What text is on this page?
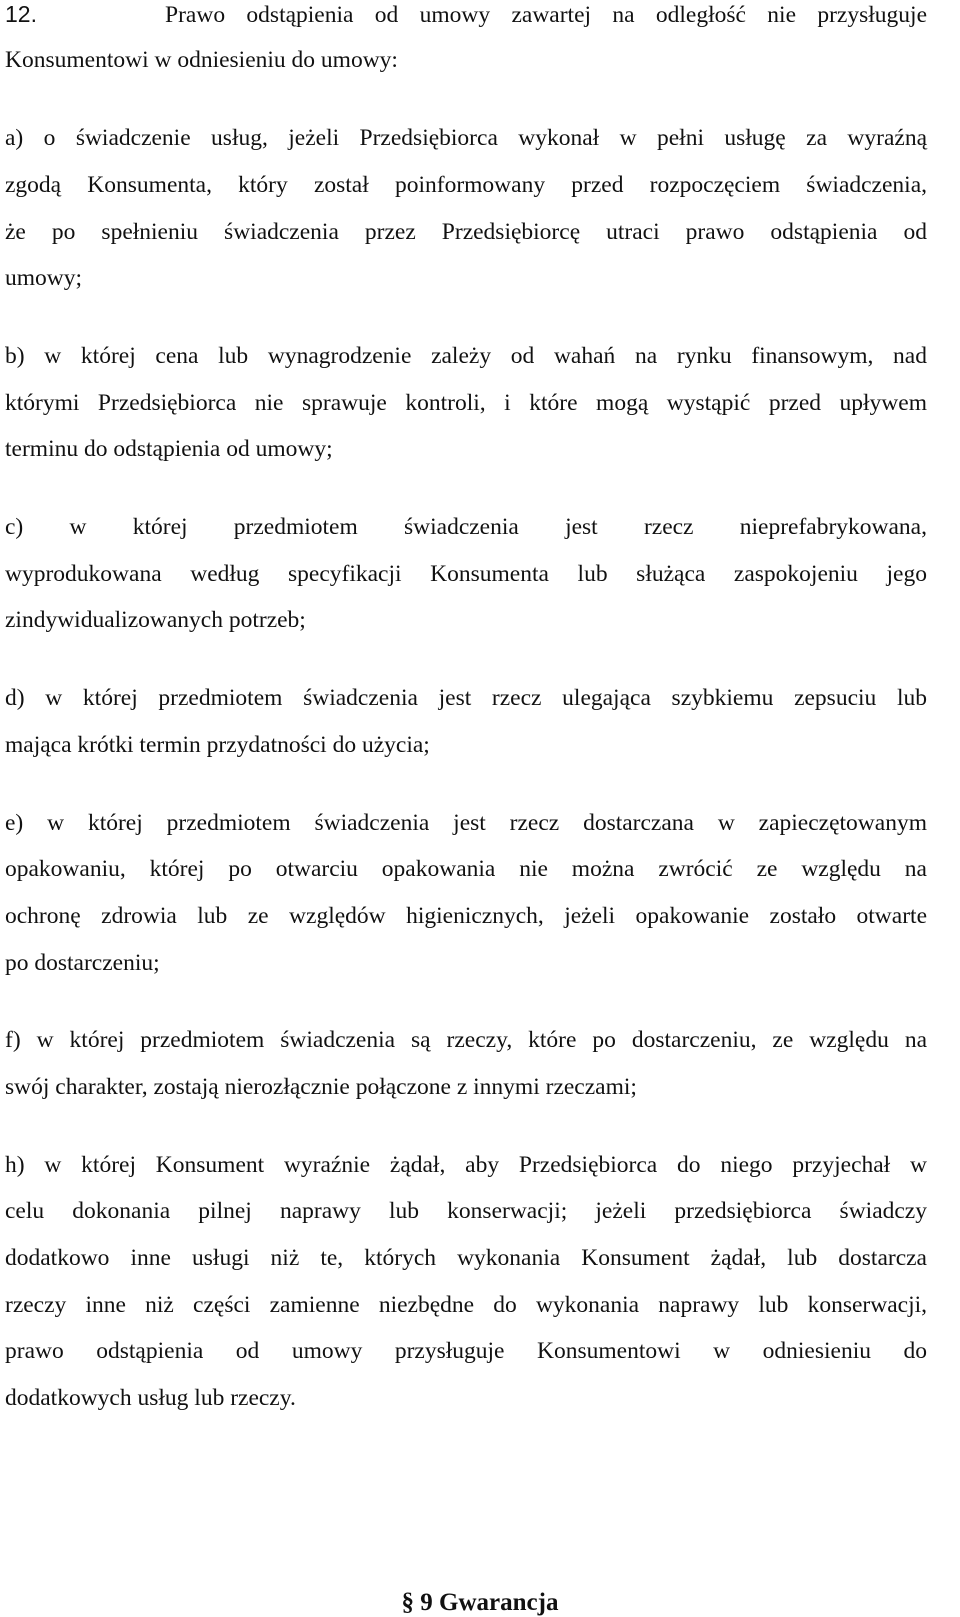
12.	Prawo odstąpienia od umowy zawartej na odległość nie przysługuje
Konsumentowi w odniesieniu do umowy:
a) o świadczenie usług, jeżeli Przedsiębiorca wykonał w pełni usługę za wyraźną
zgodą Konsumenta, który został poinformowany przed rozpoczęciem świadczenia,
że po spełnieniu świadczenia przez Przedsiębiorcę utraci prawo odstąpienia od
umowy;
b) w której cena lub wynagrodzenie zależy od wahań na rynku finansowym, nad
którymi Przedsiębiorca nie sprawuje kontroli, i które mogą wystąpić przed upływem
terminu do odstąpienia od umowy;
c) w której przedmiotem świadczenia jest rzecz nieprefabrykowana,
wyprodukowana według specyfikacji Konsumenta lub służąca zaspokojeniu jego
zindywidualizowanych potrzeb;
d) w której przedmiotem świadczenia jest rzecz ulegająca szybkiemu zepsuciu lub
mająca krótki termin przydatności do użycia;
e) w której przedmiotem świadczenia jest rzecz dostarczana w zapieczętowanym
opakowaniu, której po otwarciu opakowania nie można zwrócić ze względu na
ochronę zdrowia lub ze względów higienicznych, jeżeli opakowanie zostało otwarte
po dostarczeniu;
f) w której przedmiotem świadczenia są rzeczy, które po dostarczeniu, ze względu na
swój charakter, zostają nierozłącznie połączone z innymi rzeczami;
h) w której Konsument wyraźnie żądał, aby Przedsiębiorca do niego przyjechał w
celu dokonania pilnej naprawy lub konserwacji; jeżeli przedsiębiorca świadczy
dodatkowo inne usługi niż te, których wykonania Konsument żądał, lub dostarcza
rzeczy inne niż części zamienne niezbędne do wykonania naprawy lub konserwacji,
prawo odstąpienia od umowy przysługuje Konsumentowi w odniesieniu do
dodatkowych usług lub rzeczy.
§ 9 Gwarancja
